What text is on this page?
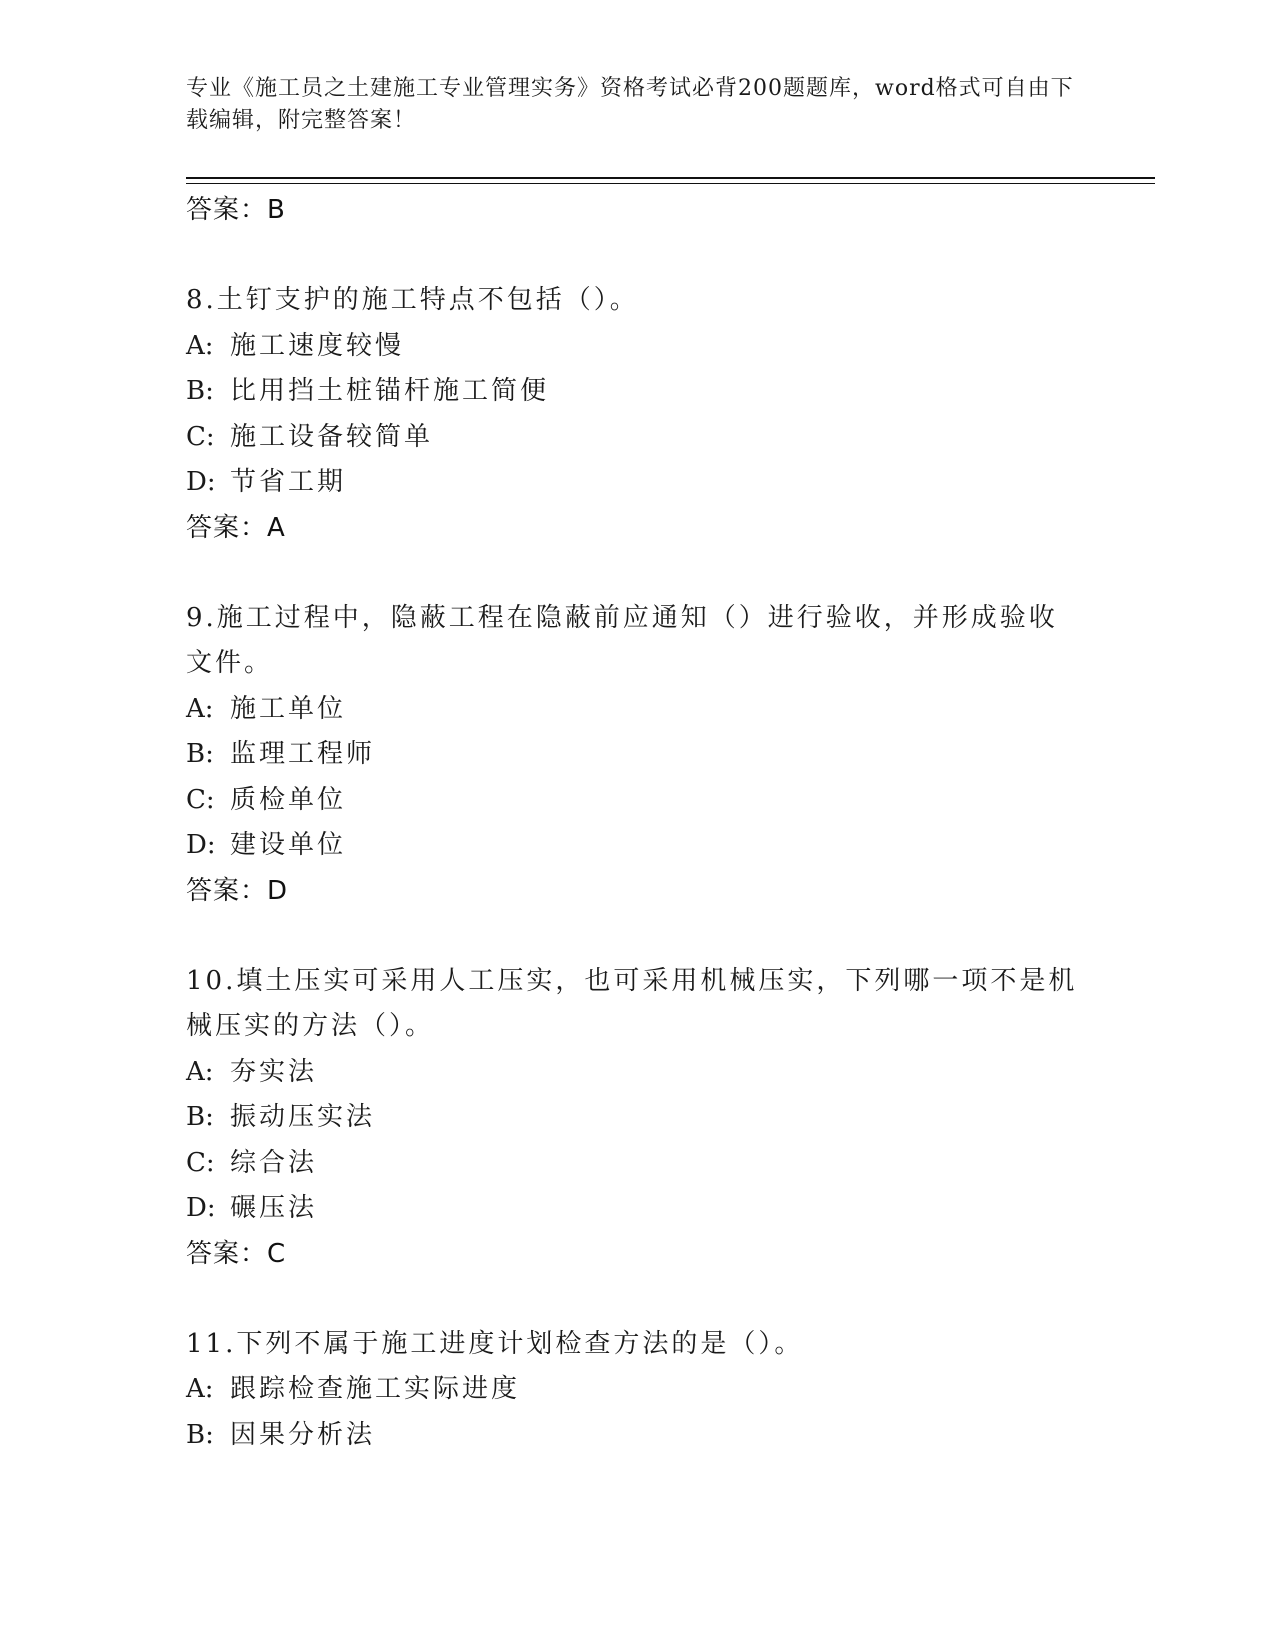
专业《施工员之土建施工专业管理实务》资格考试必背200题题库，word格式可自由下载编辑，附完整答案！
答案：B
8.土钉支护的施工特点不包括（）。
A: 施工速度较慢
B: 比用挡土桩锚杆施工简便
C: 施工设备较简单
D: 节省工期
答案：A
9.施工过程中，隐蔽工程在隐蔽前应通知（）进行验收，并形成验收文件。
A: 施工单位
B: 监理工程师
C: 质检单位
D: 建设单位
答案：D
10.填土压实可采用人工压实，也可采用机械压实，下列哪一项不是机械压实的方法（）。
A: 夯实法
B: 振动压实法
C: 综合法
D: 碾压法
答案：C
11.下列不属于施工进度计划检查方法的是（）。
A: 跟踪检查施工实际进度
B: 因果分析法
